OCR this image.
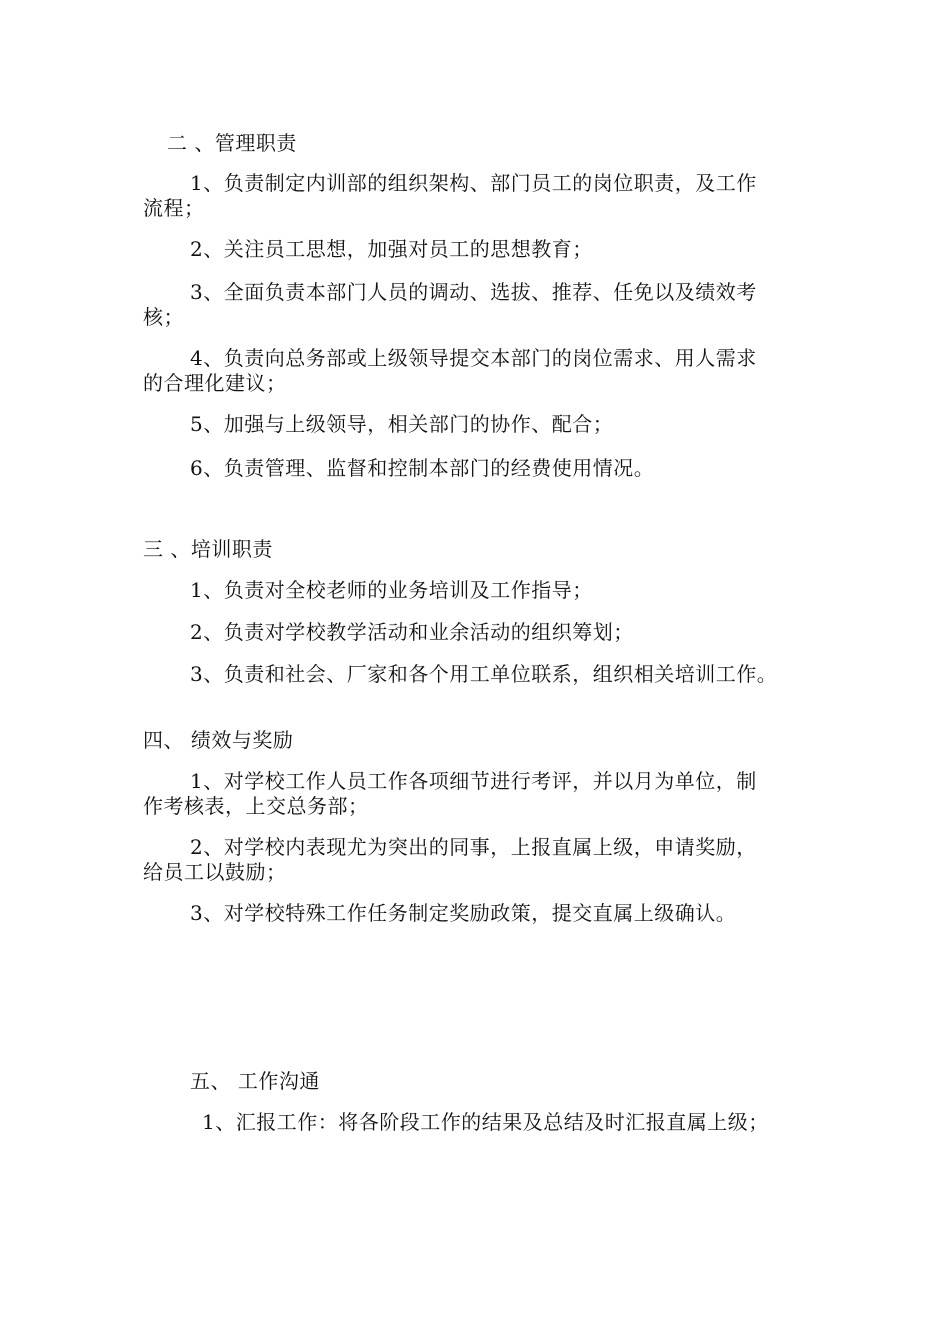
二 、管理职责

1、负责制定内训部的组织架构、部门员工的岗位职责，及工作

流程；

2、关注员工思想，加强对员工的思想教育；

3、全面负责本部门人员的调动、选拔、推荐、任免以及绩效考

核；

4、负责向总务部或上级领导提交本部门的岗位需求、用人需求

的合理化建议；

5、加强与上级领导，相关部门的协作、配合；

6、负责管理、监督和控制本部门的经费使用情况。

三 、培训职责

1、负责对全校老师的业务培训及工作指导；

2、负责对学校教学活动和业余活动的组织筹划；

3、负责和社会、厂家和各个用工单位联系，组织相关培训工作。

四、 绩效与奖励

1、对学校工作人员工作各项细节进行考评，并以月为单位，制

作考核表，上交总务部；

2、对学校内表现尤为突出的同事，上报直属上级，申请奖励，

给员工以鼓励；

3、对学校特殊工作任务制定奖励政策，提交直属上级确认。

五、 工作沟通

1、汇报工作：将各阶段工作的结果及总结及时汇报直属上级；
